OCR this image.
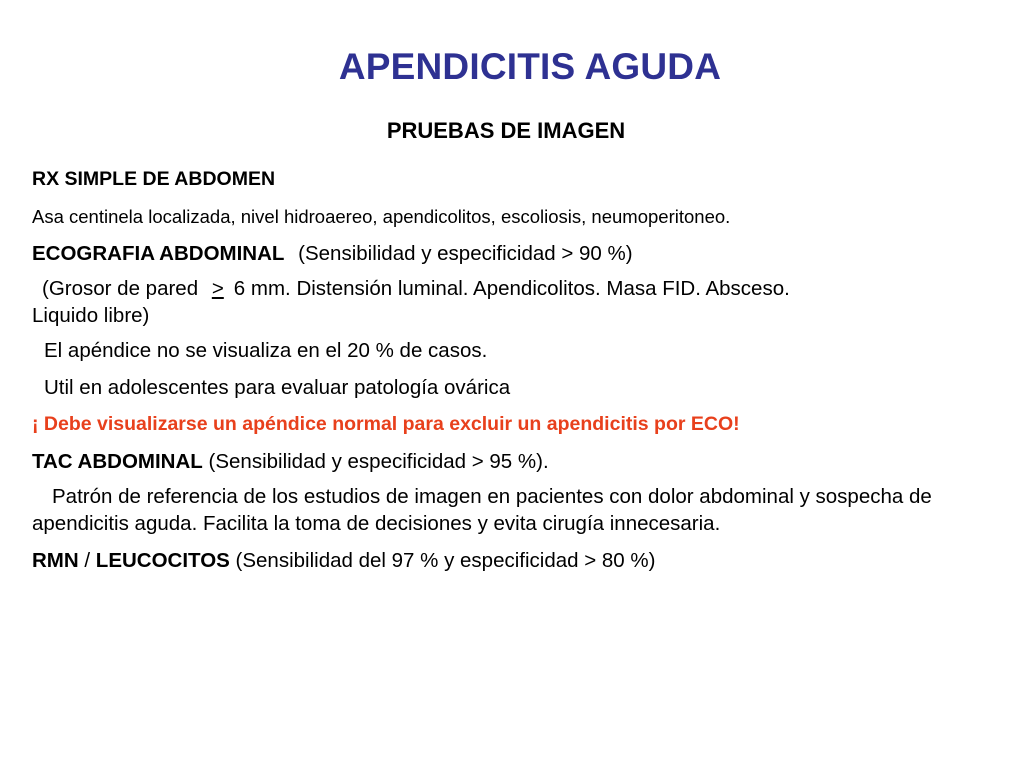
APENDICITIS AGUDA
PRUEBAS DE IMAGEN

RX SIMPLE DE ABDOMEN

Asa centinela localizada, nivel hidroaereo, apendicolitos, escoliosis, neumoperitoneo.

ECOGRAFIA ABDOMINAL (Sensibilidad y especificidad > 90 %)

(Grosor de pared > 6 mm. Distensión luminal. Apendicolitos. Masa FID. Absceso.

Liquido libre)

El apéndice no se visualiza en el 20 % de casos.

Util en adolescentes para evaluar patología ovárica

¡ Debe visualizarse un apéndice normal para excluir un apendicitis por ECO!

TAC ABDOMINAL (Sensibilidad y especificidad > 95 %).

Patrón de referencia de los estudios de imagen en pacientes con dolor abdominal y sospecha de apendicitis aguda. Facilita la toma de decisiones y evita cirugía innecesaria.

RMN / LEUCOCITOS (Sensibilidad del 97 % y especificidad > 80 %)
